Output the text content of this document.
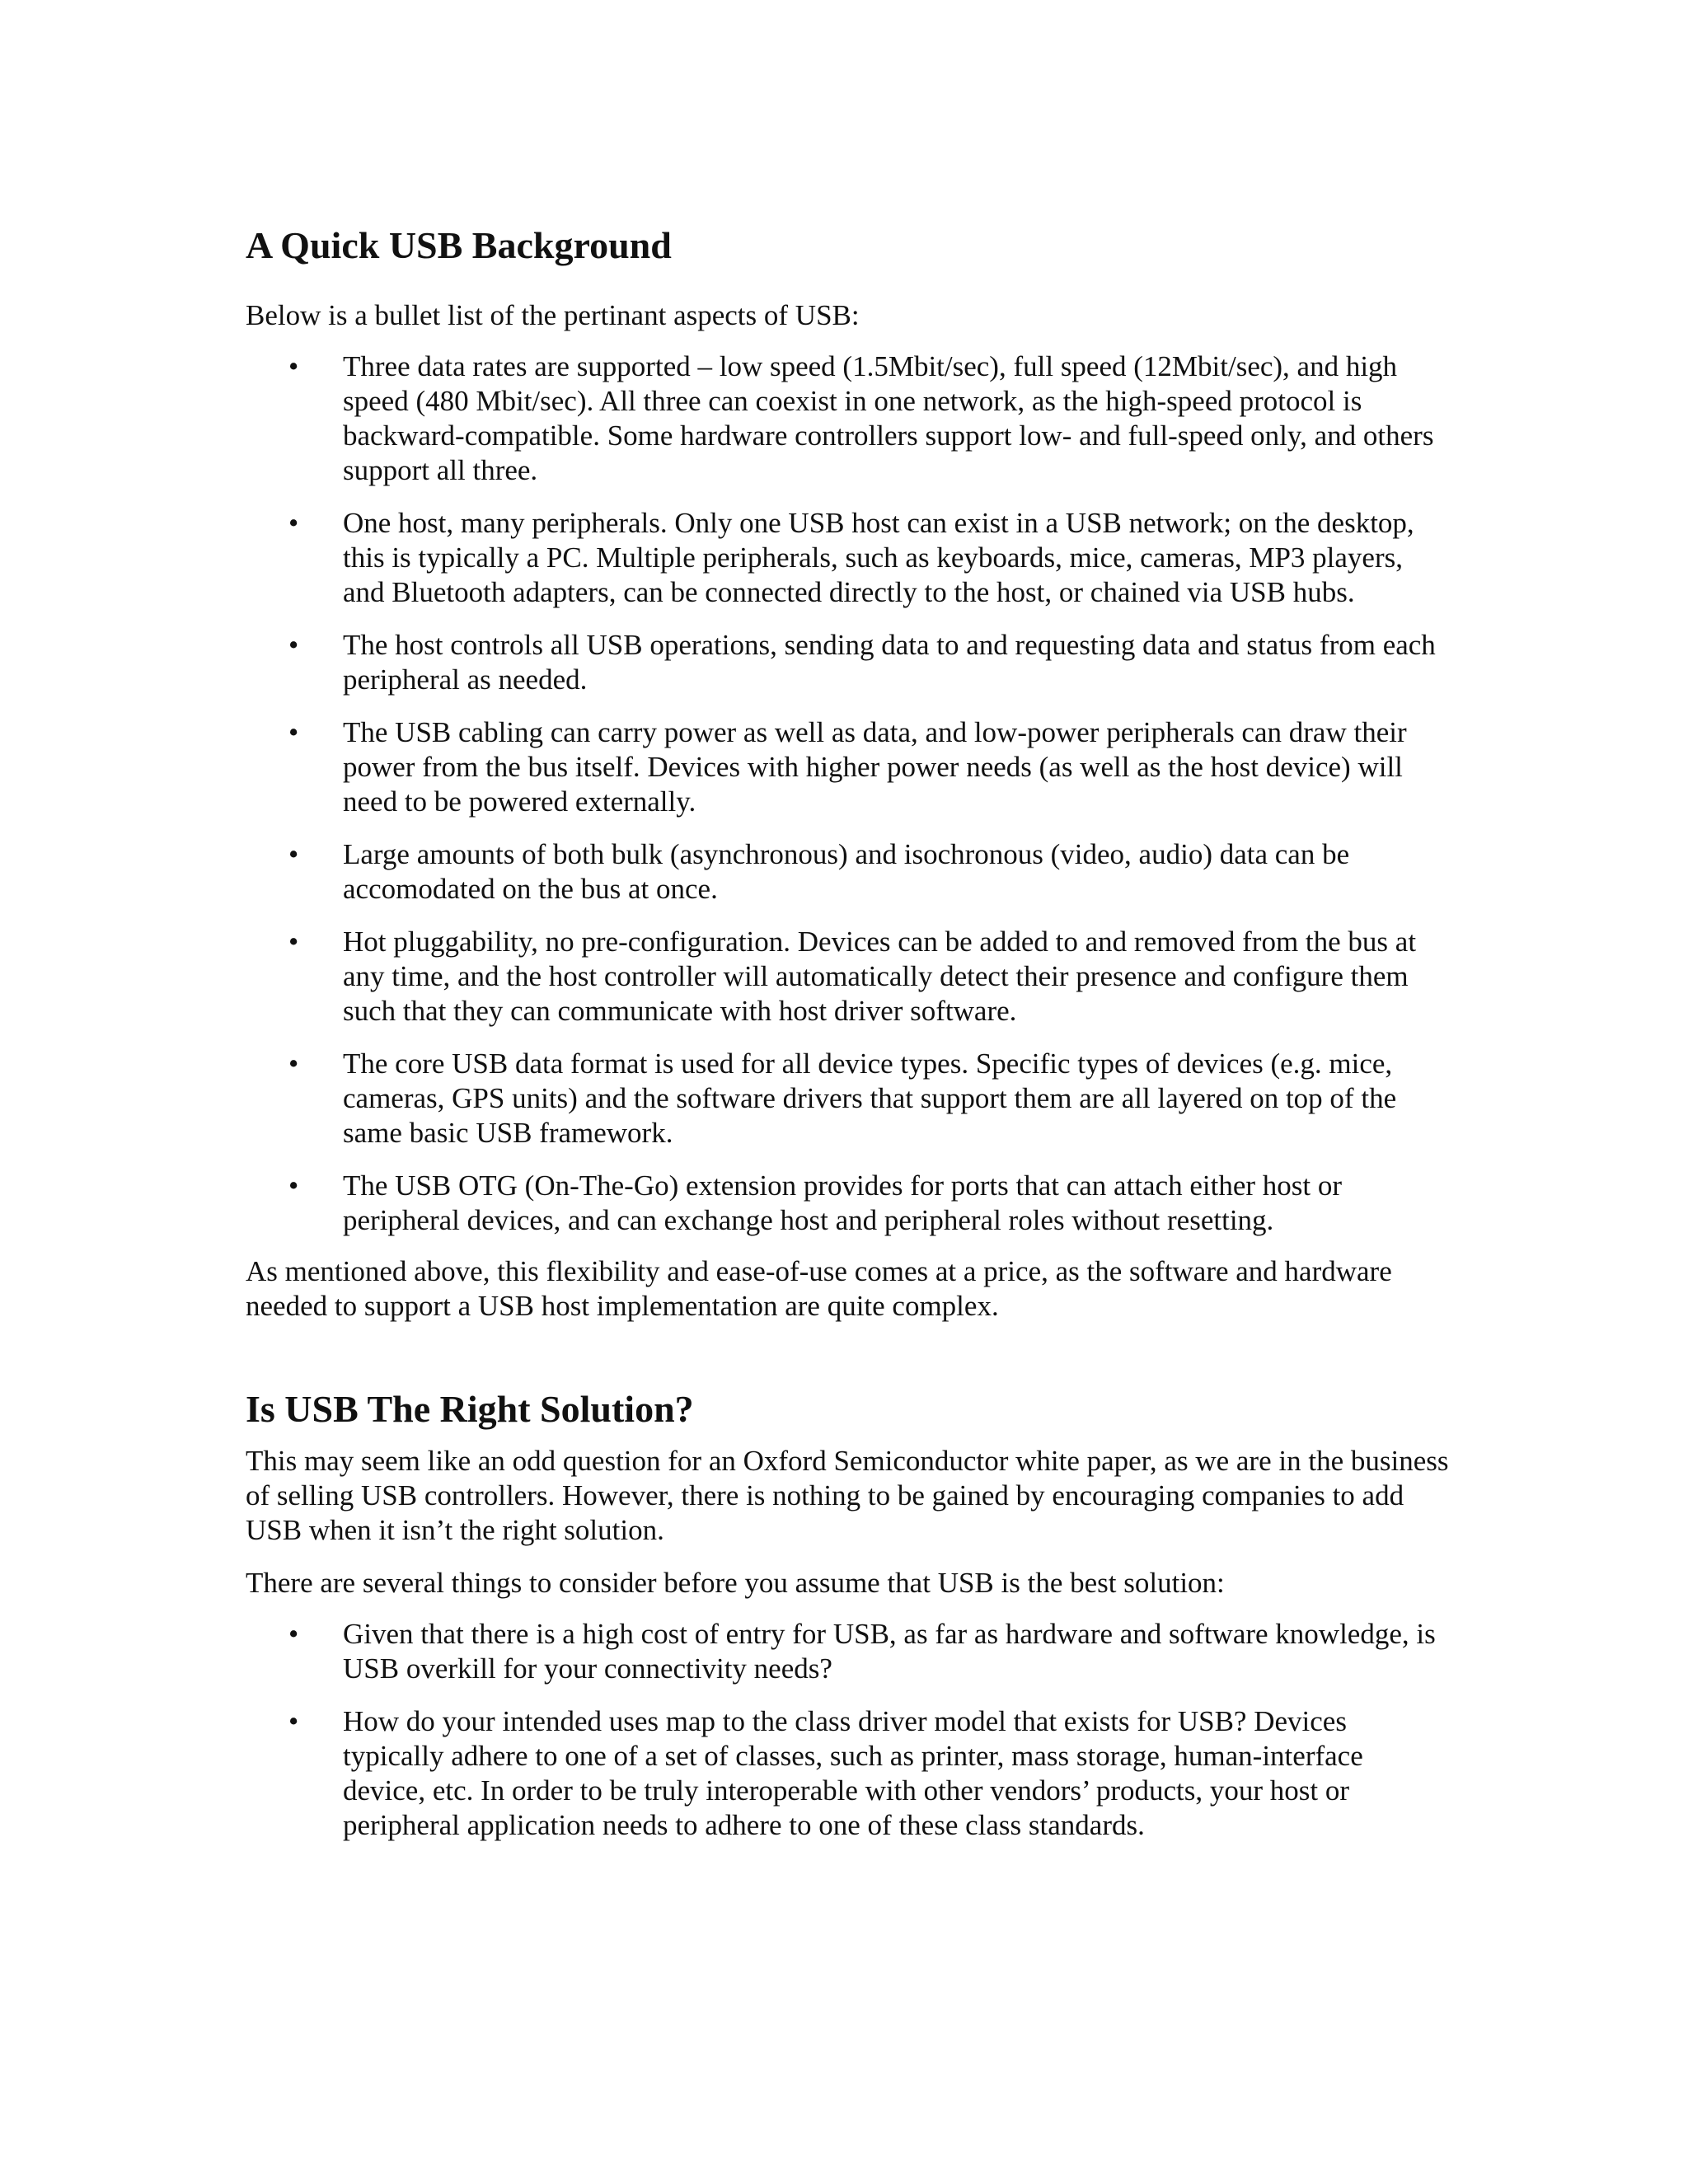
A Quick USB Background

Below is a bullet list of the pertinant aspects of USB:

• Three data rates are supported – low speed (1.5Mbit/sec), full speed (12Mbit/sec), and high speed (480 Mbit/sec). All three can coexist in one network, as the high-speed protocol is backward-compatible. Some hardware controllers support low- and full-speed only, and others support all three.
• One host, many peripherals. Only one USB host can exist in a USB network; on the desktop, this is typically a PC. Multiple peripherals, such as keyboards, mice, cameras, MP3 players, and Bluetooth adapters, can be connected directly to the host, or chained via USB hubs.
• The host controls all USB operations, sending data to and requesting data and status from each peripheral as needed.
• The USB cabling can carry power as well as data, and low-power peripherals can draw their power from the bus itself. Devices with higher power needs (as well as the host device) will need to be powered externally.
• Large amounts of both bulk (asynchronous) and isochronous (video, audio) data can be accomodated on the bus at once.
• Hot pluggability, no pre-configuration. Devices can be added to and removed from the bus at any time, and the host controller will automatically detect their presence and configure them such that they can communicate with host driver software.
• The core USB data format is used for all device types. Specific types of devices (e.g. mice, cameras, GPS units) and the software drivers that support them are all layered on top of the same basic USB framework.
• The USB OTG (On-The-Go) extension provides for ports that can attach either host or peripheral devices, and can exchange host and peripheral roles without resetting.

As mentioned above, this flexibility and ease-of-use comes at a price, as the software and hardware needed to support a USB host implementation are quite complex.

Is USB The Right Solution?

This may seem like an odd question for an Oxford Semiconductor white paper, as we are in the business of selling USB controllers. However, there is nothing to be gained by encouraging companies to add USB when it isn’t the right solution.

There are several things to consider before you assume that USB is the best solution:

• Given that there is a high cost of entry for USB, as far as hardware and software knowledge, is USB overkill for your connectivity needs?
• How do your intended uses map to the class driver model that exists for USB? Devices typically adhere to one of a set of classes, such as printer, mass storage, human-interface device, etc. In order to be truly interoperable with other vendors’ products, your host or peripheral application needs to adhere to one of these class standards.
